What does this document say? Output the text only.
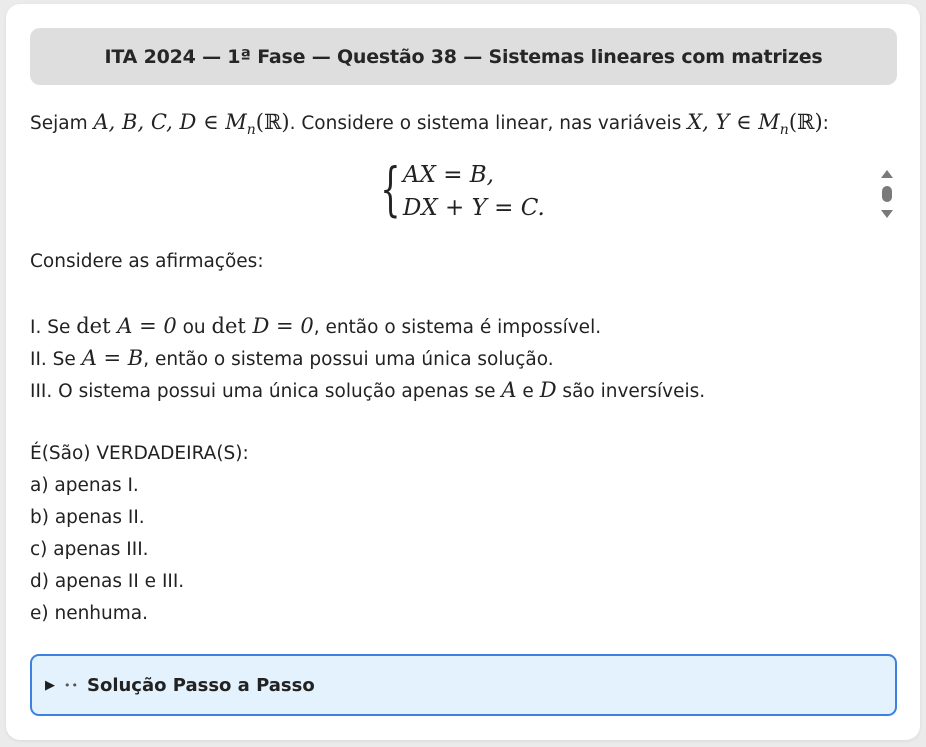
ITA 2024 — 1ª Fase — Questão 38 — Sistemas lineares com matrizes
Sejam A, B, C, D ∈ $M_n(ℝ)$. Considere o sistema linear, nas variáveis X, Y ∈ $M_n(ℝ)$:
{ AX = B,
DX + Y = C.
Considere as afirmações:
I. Se det A = 0 ou det D = 0, então o sistema é impossível.
II. Se A = B, então o sistema possui uma única solução.
III. O sistema possui uma única solução apenas se A e D são inversíveis.
É(São) VERDADEIRA(S):
a) apenas I.
b) apenas II.
c) apenas III.
d) apenas II e III.
e) nenhuma.
▶ •• Solução Passo a Passo
